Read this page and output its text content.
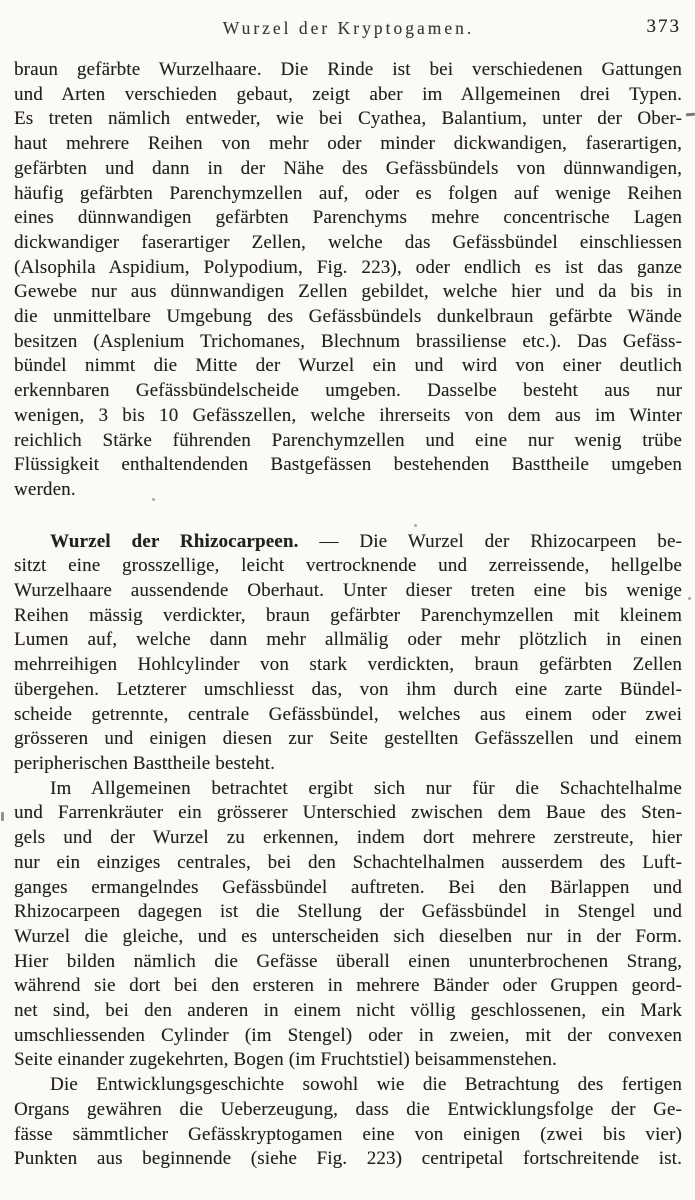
Wurzel der Kryptogamen.	373
braun gefärbte Wurzelhaare. Die Rinde ist bei verschiedenen Gattungen
und Arten verschieden gebaut, zeigt aber im Allgemeinen drei Typen.
Es treten nämlich entweder, wie bei Cyathea, Balantium, unter der Ober-
haut mehrere Reihen von mehr oder minder dickwandigen, faserartigen,
gefärbten und dann in der Nähe des Gefässbündels von dünnwandigen,
häufig gefärbten Parenchymzellen auf, oder es folgen auf wenige Reihen
eines dünnwandigen gefärbten Parenchyms mehre concentrische Lagen
dickwandiger faserartiger Zellen, welche das Gefässbündel einschliessen
(Alsophila Aspidium, Polypodium, Fig. 223), oder endlich es ist das ganze
Gewebe nur aus dünnwandigen Zellen gebildet, welche hier und da bis in
die unmittelbare Umgebung des Gefässbündels dunkelbraun gefärbte Wände
besitzen (Asplenium Trichomanes, Blechnum brassiliense etc.). Das Gefäss-
bündel nimmt die Mitte der Wurzel ein und wird von einer deutlich
erkennbaren Gefässbündelscheide umgeben. Dasselbe besteht aus nur
wenigen, 3 bis 10 Gefässzellen, welche ihrerseits von dem aus im Winter
reichlich Stärke führenden Parenchymzellen und eine nur wenig trübe
Flüssigkeit enthaltendenden Bastgefässen bestehenden Basttheile umgeben
werden.
Wurzel der Rhizocarpeen. — Die Wurzel der Rhizocarpeen be-
sitzt eine grosszellige, leicht vertrocknende und zerreissende, hellgelbe
Wurzelhaare aussendende Oberhaut. Unter dieser treten eine bis wenige
Reihen mässig verdickter, braun gefärbter Parenchymzellen mit kleinem
Lumen auf, welche dann mehr allmälig oder mehr plötzlich in einen
mehrreihigen Hohlcylinder von stark verdickten, braun gefärbten Zellen
übergehen. Letzterer umschliesst das, von ihm durch eine zarte Bündel-
scheide getrennte, centrale Gefässbündel, welches aus einem oder zwei
grösseren und einigen diesen zur Seite gestellten Gefässzellen und einem
peripherischen Basttheile besteht.
Im Allgemeinen betrachtet ergibt sich nur für die Schachtelhalme
und Farrenkräuter ein grösserer Unterschied zwischen dem Baue des Sten-
gels und der Wurzel zu erkennen, indem dort mehrere zerstreute, hier
nur ein einziges centrales, bei den Schachtelhalmen ausserdem des Luft-
ganges ermangelndes Gefässbündel auftreten. Bei den Bärlappen und
Rhizocarpeen dagegen ist die Stellung der Gefässbündel in Stengel und
Wurzel die gleiche, und es unterscheiden sich dieselben nur in der Form.
Hier bilden nämlich die Gefässe überall einen ununterbrochenen Strang,
während sie dort bei den ersteren in mehrere Bänder oder Gruppen geord-
net sind, bei den anderen in einem nicht völlig geschlossenen, ein Mark
umschliessenden Cylinder (im Stengel) oder in zweien, mit der convexen
Seite einander zugekehrten, Bogen (im Fruchtstiel) beisammenstehen.
Die Entwicklungsgeschichte sowohl wie die Betrachtung des fertigen
Organs gewähren die Ueberzeugung, dass die Entwicklungsfolge der Ge-
fässe sämmtlicher Gefässkryptogamen eine von einigen (zwei bis vier)
Punkten aus beginnende (siehe Fig. 223) centripetal fortschreitende ist.
